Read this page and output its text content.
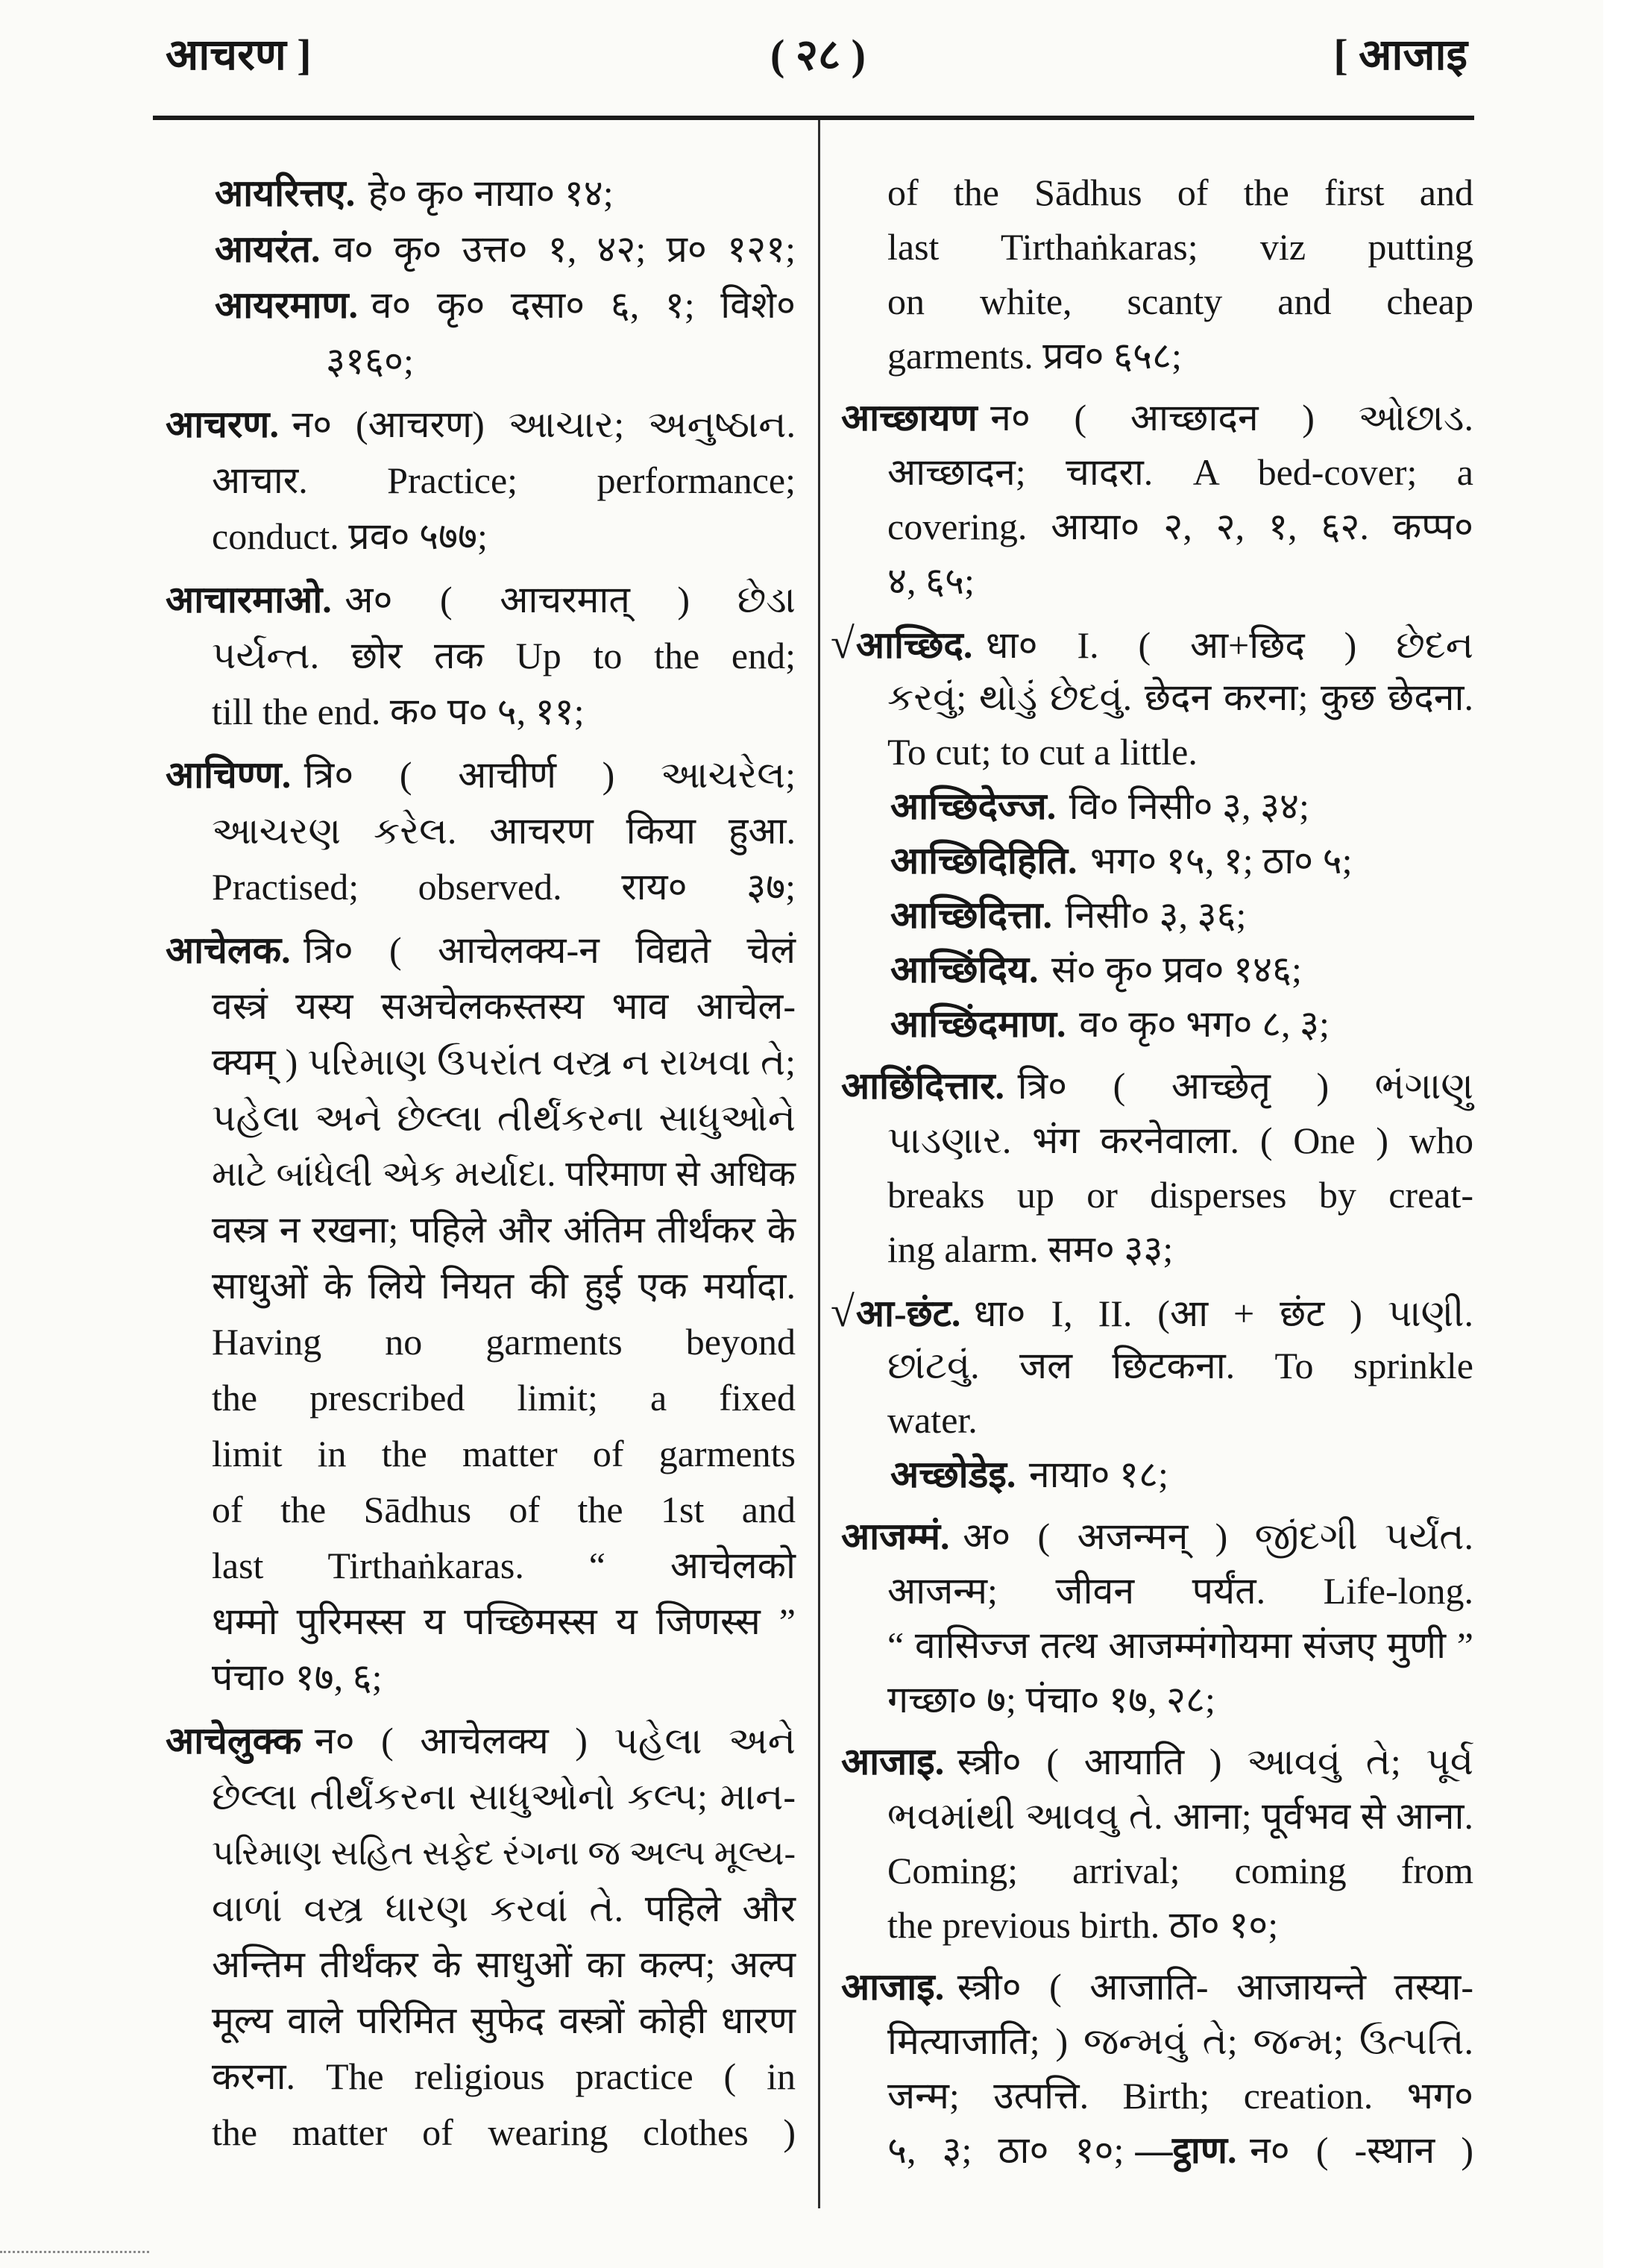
आचरण ]	( २८ )	[ आजाइ
आयरित्तए. हे० कृ० नाया० १४;
आयरंत. व० कृ० उत्त० १, ४२; प्र० १२१;
आयरमाण. व० कृ० दसा० ६, १; विशे०
३१६०;
आचरण. न० (आचरण) આચાર; અનુષ્ઠાન.
आचार. Practice; performance;
conduct. प्रव० ५७७;
आचारमाओ. अ० ( आचरमात् ) છેડા
પર્યન્ત. छोर तक Up to the end;
till the end. क० प० ५, ११;
आचिण्ण. त्रि० ( आचीर्ण ) આચરેલ;
આચરણ કરેલ. आचरण किया हुआ.
Practised; observed. राय० ३७;
आचेलक. त्रि० ( आचेलक्य-न विद्यते चेलं
वस्त्रं यस्य सअचेलकस्तस्य भाव आचेल-
क्यम् ) પરિમાણ ઉપરાંત વસ્ત્ર ન રાખવા તે;
પહેલા અને છેલ્લા તીર્થંકરના સાધુઓને
માટે બાંધેલી એક મર્યાદા. परिमाण से अधिक
वस्त्र न रखना; पहिले और अंतिम तीर्थंकर के
साधुओं के लिये नियत की हुई एक मर्यादा.
Having no garments beyond
the prescribed limit; a fixed
limit in the matter of garments
of the Sādhus of the 1st and
last Tirthaṅkaras. “ आचेलको
धम्मो पुरिमस्स य पच्छिमस्स य जिणस्स ”
पंचा० १७, ६;
आचेलुक्क न० ( आचेलक्य ) પહેલા અને
છેલ્લા તીર્થંકરના સાધુઓનો કલ્પ; માન-
પરિમાણ સહિત સફેદ રંગના જ અલ્પ મૂલ્ય-
વાળાં વસ્ત્ર ધારણ કરવાં તે. पहिले और
अन्तिम तीर्थंकर के साधुओं का कल्प; अल्प
मूल्य वाले परिमित सुफेद वस्त्रों कोही धारण
करना. The religious practice ( in
the matter of wearing clothes )
of the Sādhus of the first and
last Tirthaṅkaras; viz putting
on white, scanty and cheap
garments. प्रव० ६५८;
आच्छायण न० ( आच्छादन ) ઓછાડ.
आच्छादन; चादरा. A bed-cover; a
covering. आया० २, २, १, ६२. कप्प०
४, ६५;
√आच्छिद. धा० I. ( आ+छिद ) છેદન
કરવું; થોડું છેદવું. छेदन करना; कुछ छेदना.
To cut; to cut a little.
आच्छिदेज्ज. वि० निसी० ३, ३४;
आच्छिदिहिति. भग० १५, १; ठा० ५;
आच्छिदित्ता. निसी० ३, ३६;
आच्छिंदिय. सं० कृ० प्रव० १४६;
आच्छिंदमाण. व० कृ० भग० ८, ३;
आछिंदित्तार. त्रि० ( आच्छेतृ ) ભંગાણુ
પાડણાર. भंग करनेवाला. ( One ) who
breaks up or disperses by creat-
ing alarm. सम० ३३;
√आ-छंट. धा० I, II. (आ + छंट ) પાણી.
છાંટવું. जल छिटकना. To sprinkle
water.
अच्छोडेइ. नाया० १८;
आजम्मं. अ० ( अजन्मन् ) જીંદગી પર્યંત.
आजन्म; जीवन पर्यंत. Life-long.
“ वासिज्ज तत्थ आजम्मंगोयमा संजए मुणी ”
गच्छा० ७; पंचा० १७, २८;
आजाइ. स्त्री० ( आयाति ) આવવું તે; પૂર્વ
ભવમાંથી આવવુ તે. आना; पूर्वभव से आना.
Coming; arrival; coming from
the previous birth. ठा० १०;
आजाइ. स्त्री० ( आजाति- आजायन्ते तस्या-
मित्याजाति; ) જન્મવું તે; જન્મ; ઉત્પત્તિ.
जन्म; उत्पत्ति. Birth; creation. भग०
५, ३; ठा० १०; —ट्ठाण. न० ( -स्थान )
